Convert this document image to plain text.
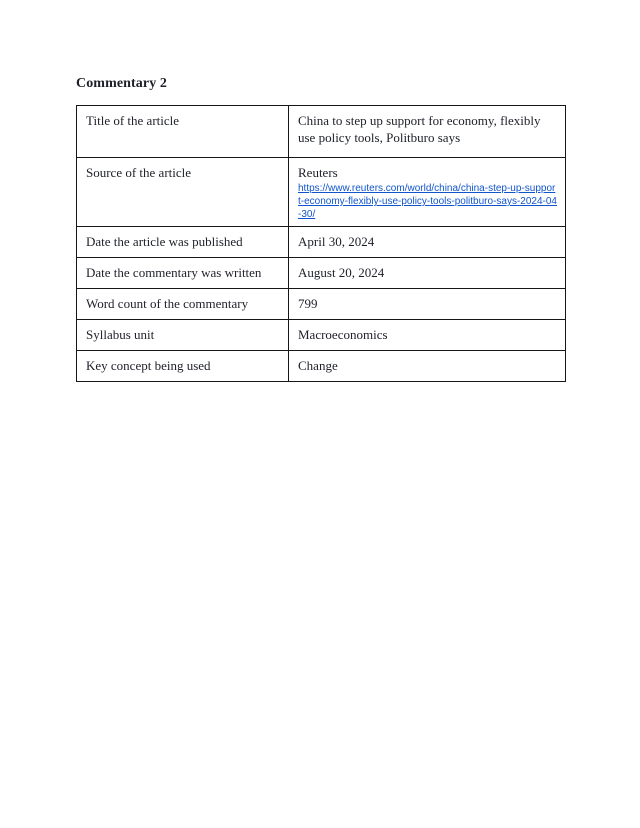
Commentary 2
Title of the article	China to step up support for economy, flexibly use policy tools, Politburo says
Source of the article	Reuters
https://www.reuters.com/world/china/china-step-up-support-economy-flexibly-use-policy-tools-politburo-says-2024-04-30/

Date the article was published	April 30, 2024
Date the commentary was written	August 20, 2024
Word count of the commentary	799
Syllabus unit	Macroeconomics
Key concept being used	Change
